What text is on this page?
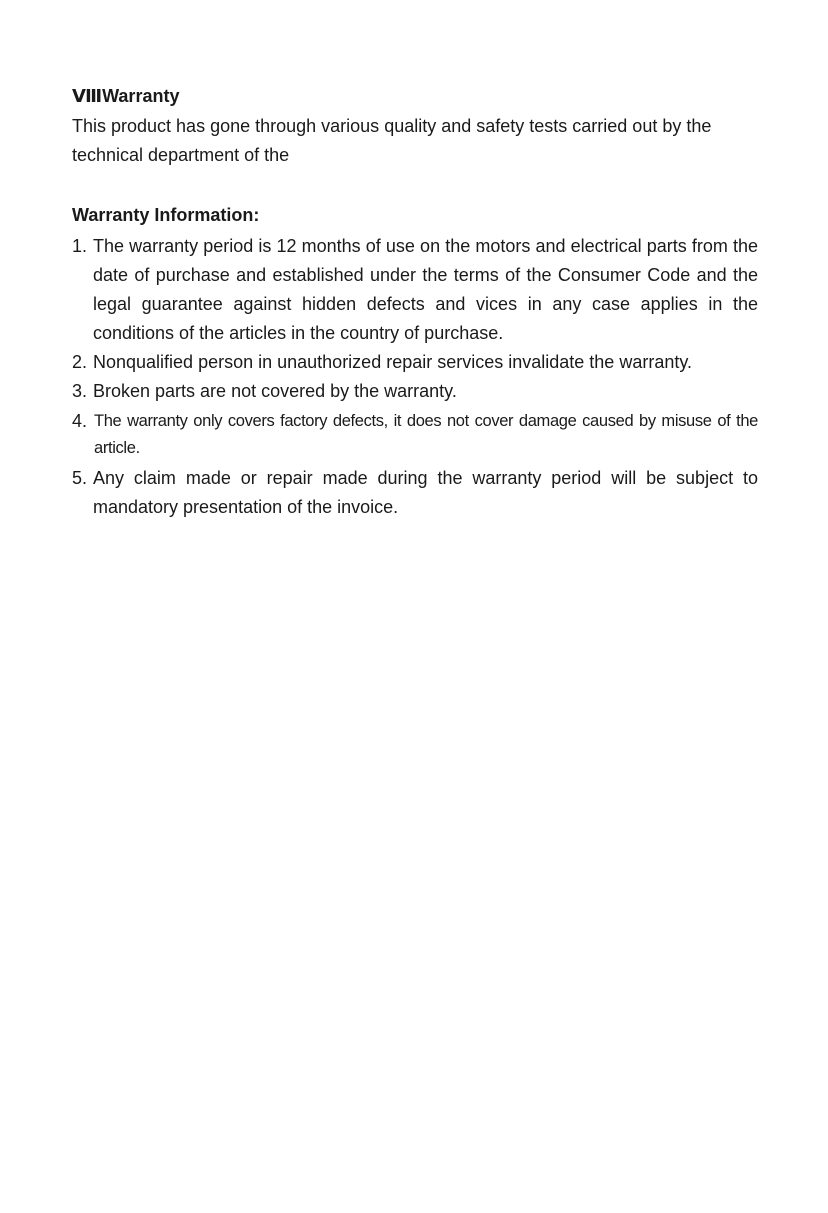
ⅧWarranty

This product has gone through various quality and safety tests carried out by the technical department of the

Warranty Information:
1. The warranty period is 12 months of use on the motors and electrical parts from the date of purchase and established under the terms of the Consumer Code and the legal guarantee against hidden defects and vices in any case applies in the conditions of the articles in the country of purchase.
2. Nonqualified person in unauthorized repair services invalidate the warranty.
3. Broken parts are not covered by the warranty.
4. The warranty only covers factory defects, it does not cover damage caused by misuse of the article.
5. Any claim made or repair made during the warranty period will be subject to mandatory presentation of the invoice.
